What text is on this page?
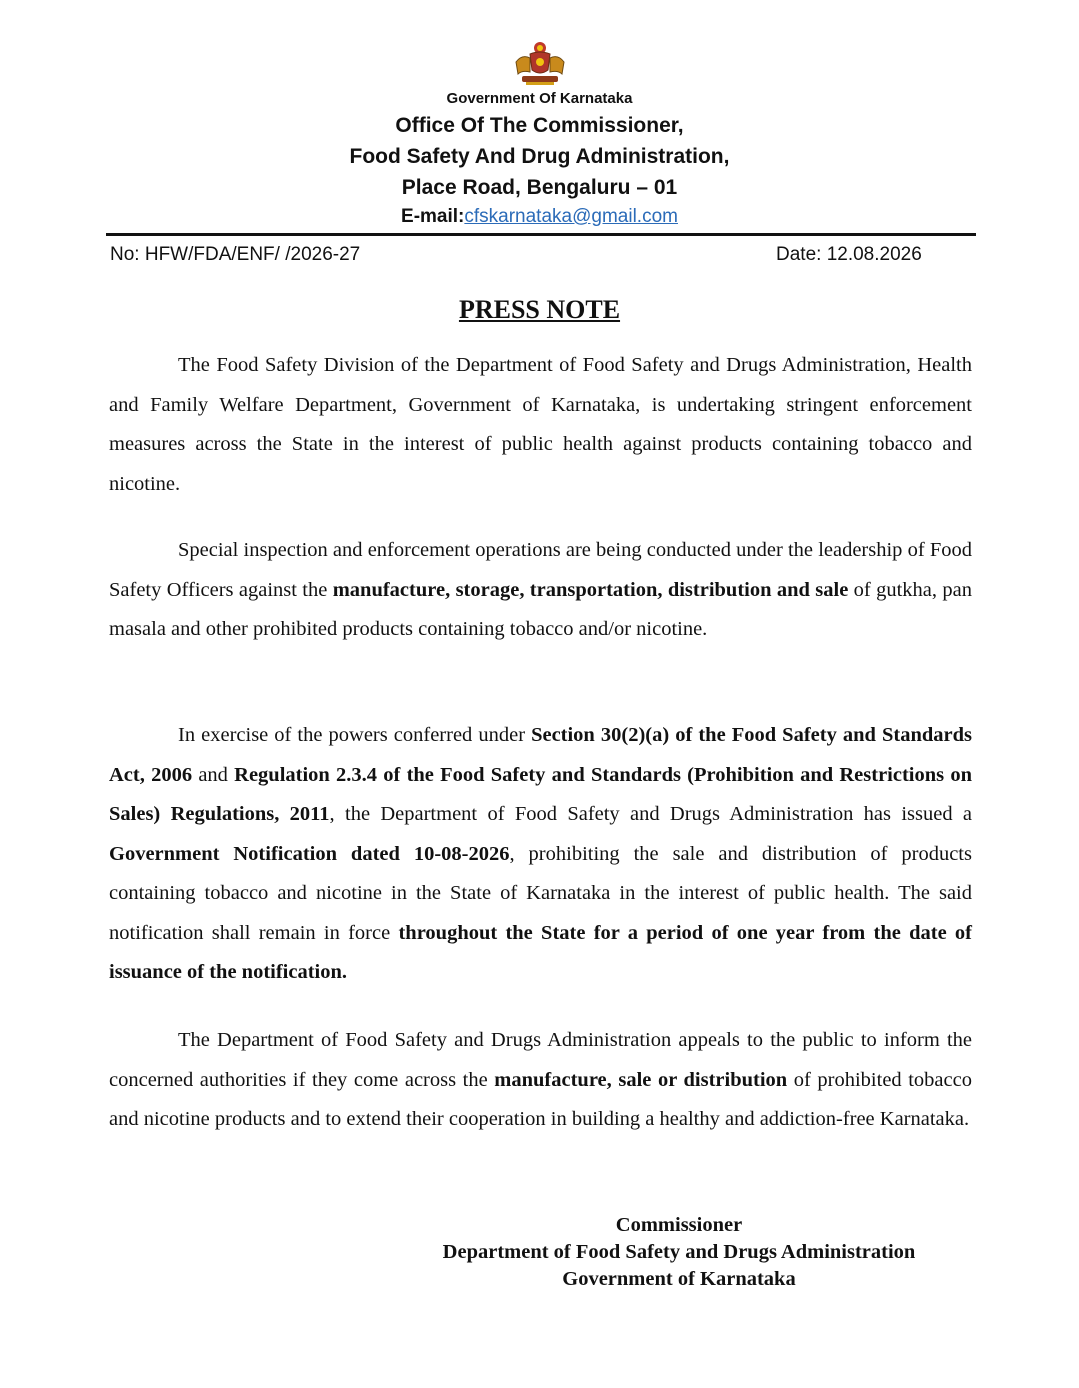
Government Of Karnataka
Office Of The Commissioner,
Food Safety And Drug Administration,
Place Road, Bengaluru – 01
E-mail:cfskarnataka@gmail.com
No: HFW/FDA/ENF/ /2026-27	Date: 12.08.2026
PRESS NOTE

The Food Safety Division of the Department of Food Safety and Drugs Administration, Health and Family Welfare Department, Government of Karnataka, is undertaking stringent enforcement measures across the State in the interest of public health against products containing tobacco and nicotine.

Special inspection and enforcement operations are being conducted under the leadership of Food Safety Officers against the manufacture, storage, transportation, distribution and sale of gutkha, pan masala and other prohibited products containing tobacco and/or nicotine.

In exercise of the powers conferred under Section 30(2)(a) of the Food Safety and Standards Act, 2006 and Regulation 2.3.4 of the Food Safety and Standards (Prohibition and Restrictions on Sales) Regulations, 2011, the Department of Food Safety and Drugs Administration has issued a Government Notification dated 10-08-2026, prohibiting the sale and distribution of products containing tobacco and nicotine in the State of Karnataka in the interest of public health. The said notification shall remain in force throughout the State for a period of one year from the date of issuance of the notification.

The Department of Food Safety and Drugs Administration appeals to the public to inform the concerned authorities if they come across the manufacture, sale or distribution of prohibited tobacco and nicotine products and to extend their cooperation in building a healthy and addiction-free Karnataka.

Commissioner
Department of Food Safety and Drugs Administration
Government of Karnataka
